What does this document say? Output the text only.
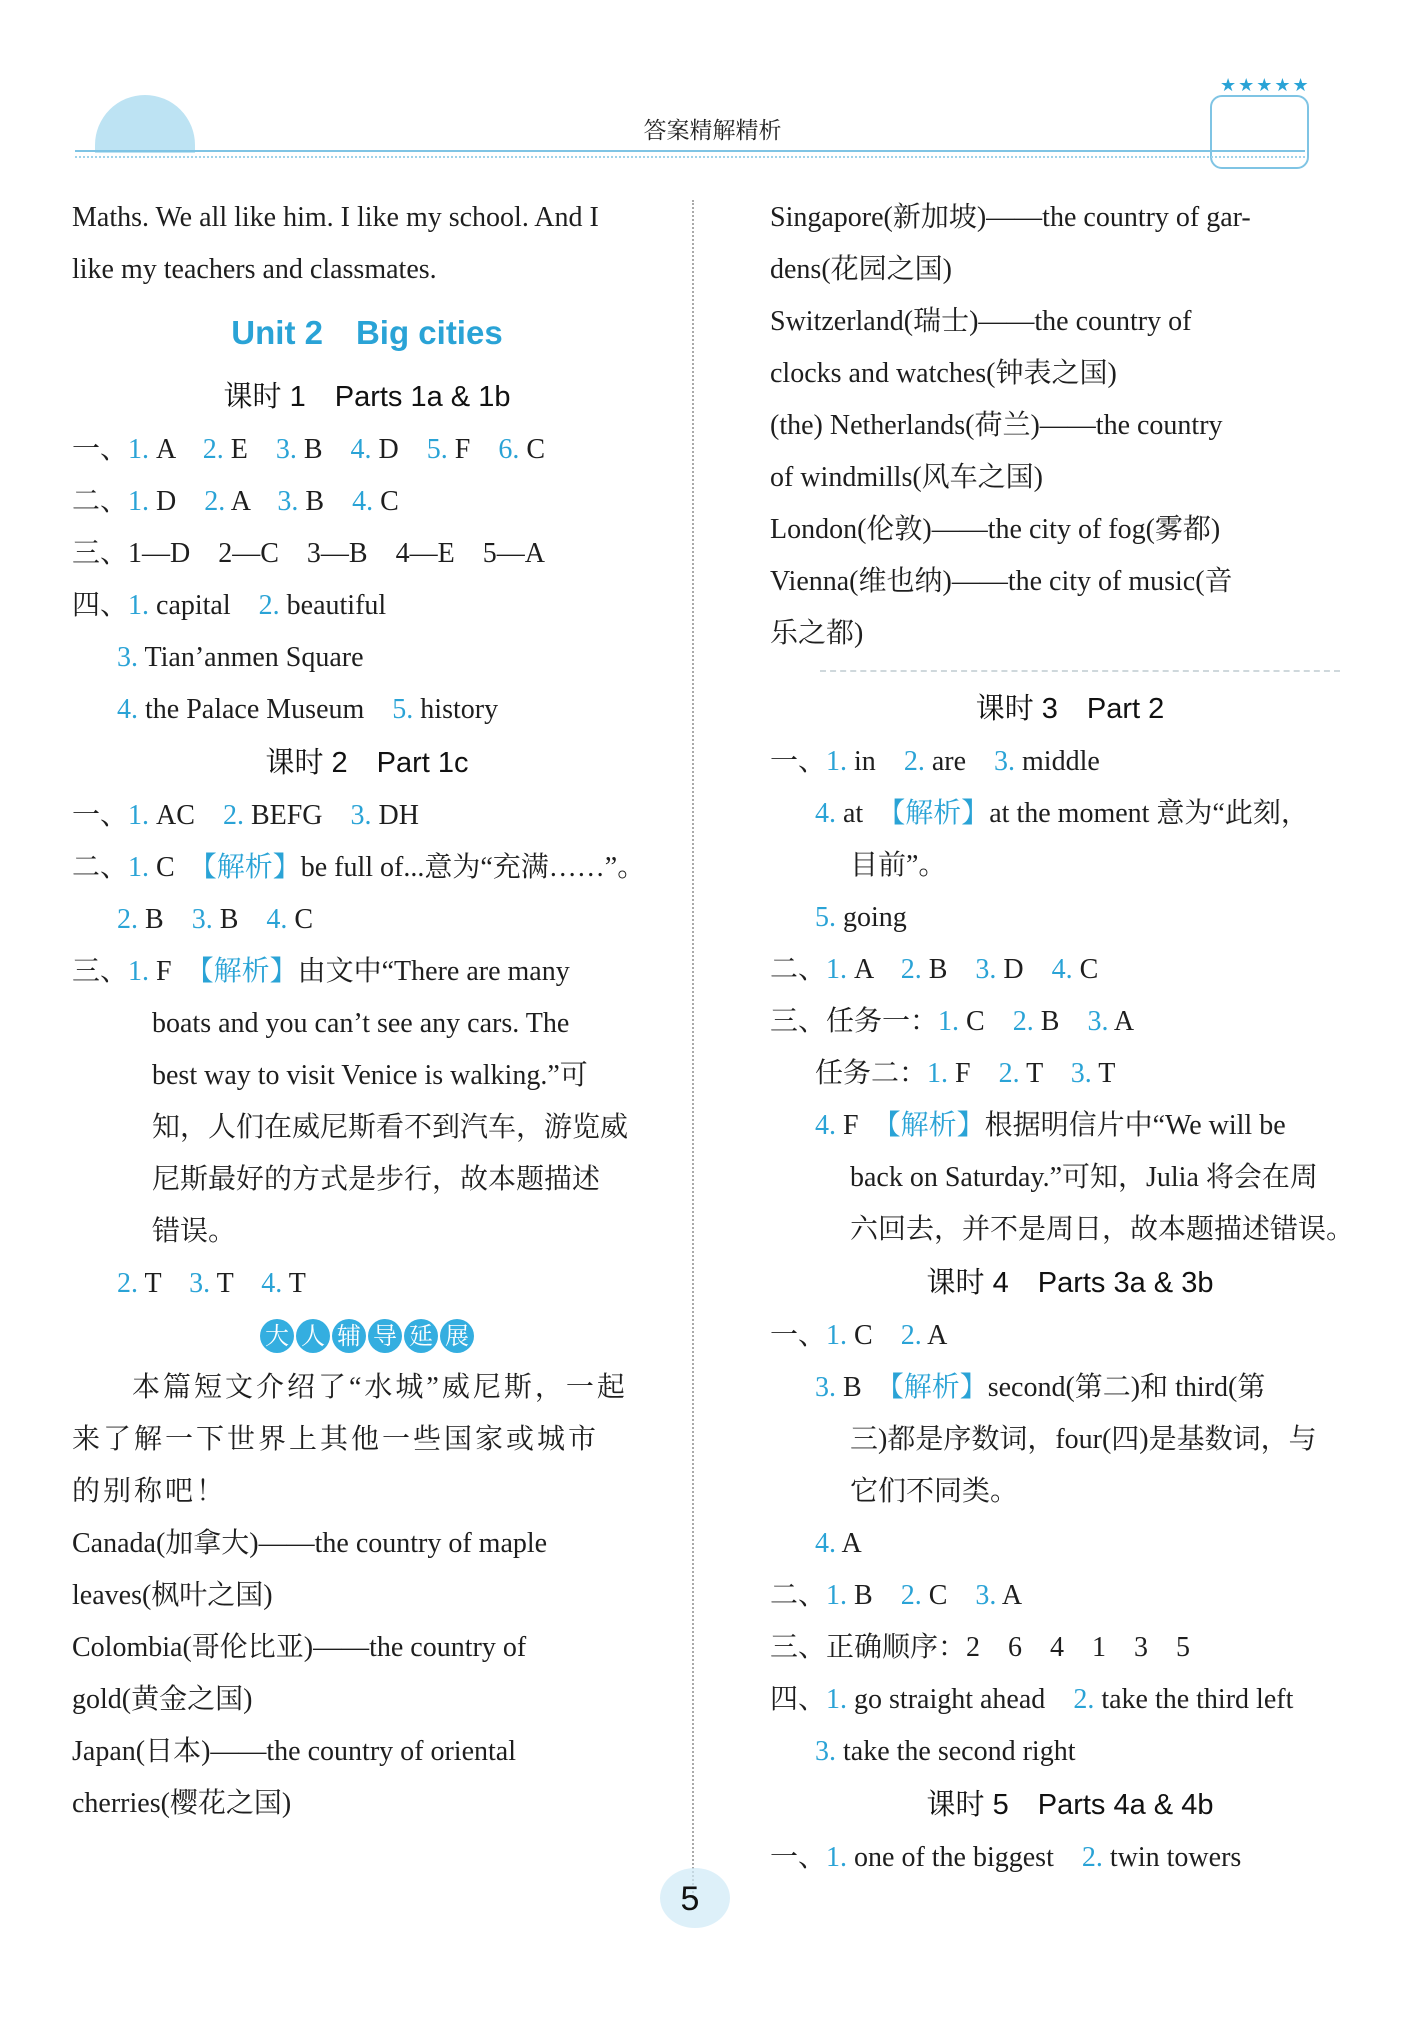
答案精解精析
★★★★★
Maths. We all like him. I like my school. And I
like my teachers and classmates.
Unit 2　Big cities
课时 1　Parts 1a & 1b
一、1. A　 2. E　 3. B　 4. D　 5. F　 6. C
二、1. D　 2. A　 3. B　 4. C
三、1—D　2—C　3—B　4—E　5—A
四、1. capital　 2. beautiful
3. Tian’anmen Square
4. the Palace Museum　 5. history
课时 2　Part 1c
一、1. AC　 2. BEFG　 3. DH
二、1. C　 【解析】be full of...意为“充满……”。
2. B　 3. B　 4. C
三、1. F　 【解析】由文中“There are many
boats and you can’t see any cars. The
best way to visit Venice is walking.”可
知，人们在威尼斯看不到汽车，游览威
尼斯最好的方式是步行，故本题描述
错误。
2. T　 3. T　 4. T
大 人 辅 导 延 展
本篇短文介绍了“水城”威尼斯，一起
来了解一下世界上其他一些国家或城市
的别称吧！
Canada(加拿大)——the country of maple
leaves(枫叶之国)
Colombia(哥伦比亚)——the country of
gold(黄金之国)
Japan(日本)——the country of oriental
cherries(樱花之国)
Singapore(新加坡)——the country of gar-
dens(花园之国)
Switzerland(瑞士)——the country of
clocks and watches(钟表之国)
(the) Netherlands(荷兰)——the country
of windmills(风车之国)
London(伦敦)——the city of fog(雾都)
Vienna(维也纳)——the city of music(音
乐之都)
课时 3　Part 2
一、1. in　 2. are　 3. middle
4. at　 【解析】at the moment 意为“此刻，
目前”。
5. going
二、1. A　 2. B　 3. D　 4. C
三、任务一：1. C　 2. B　 3. A
任务二：1. F　 2. T　 3. T
4. F　 【解析】根据明信片中“We will be
back on Saturday.”可知，Julia 将会在周
六回去，并不是周日，故本题描述错误。
课时 4　Parts 3a & 3b
一、1. C　 2. A
3. B　 【解析】second(第二)和 third(第
三)都是序数词，four(四)是基数词，与
它们不同类。
4. A
二、1. B　 2. C　 3. A
三、正确顺序：2　6　4　1　3　5
四、1. go straight ahead　 2. take the third left
3. take the second right
课时 5　Parts 4a & 4b
一、1. one of the biggest　 2. twin towers
5
